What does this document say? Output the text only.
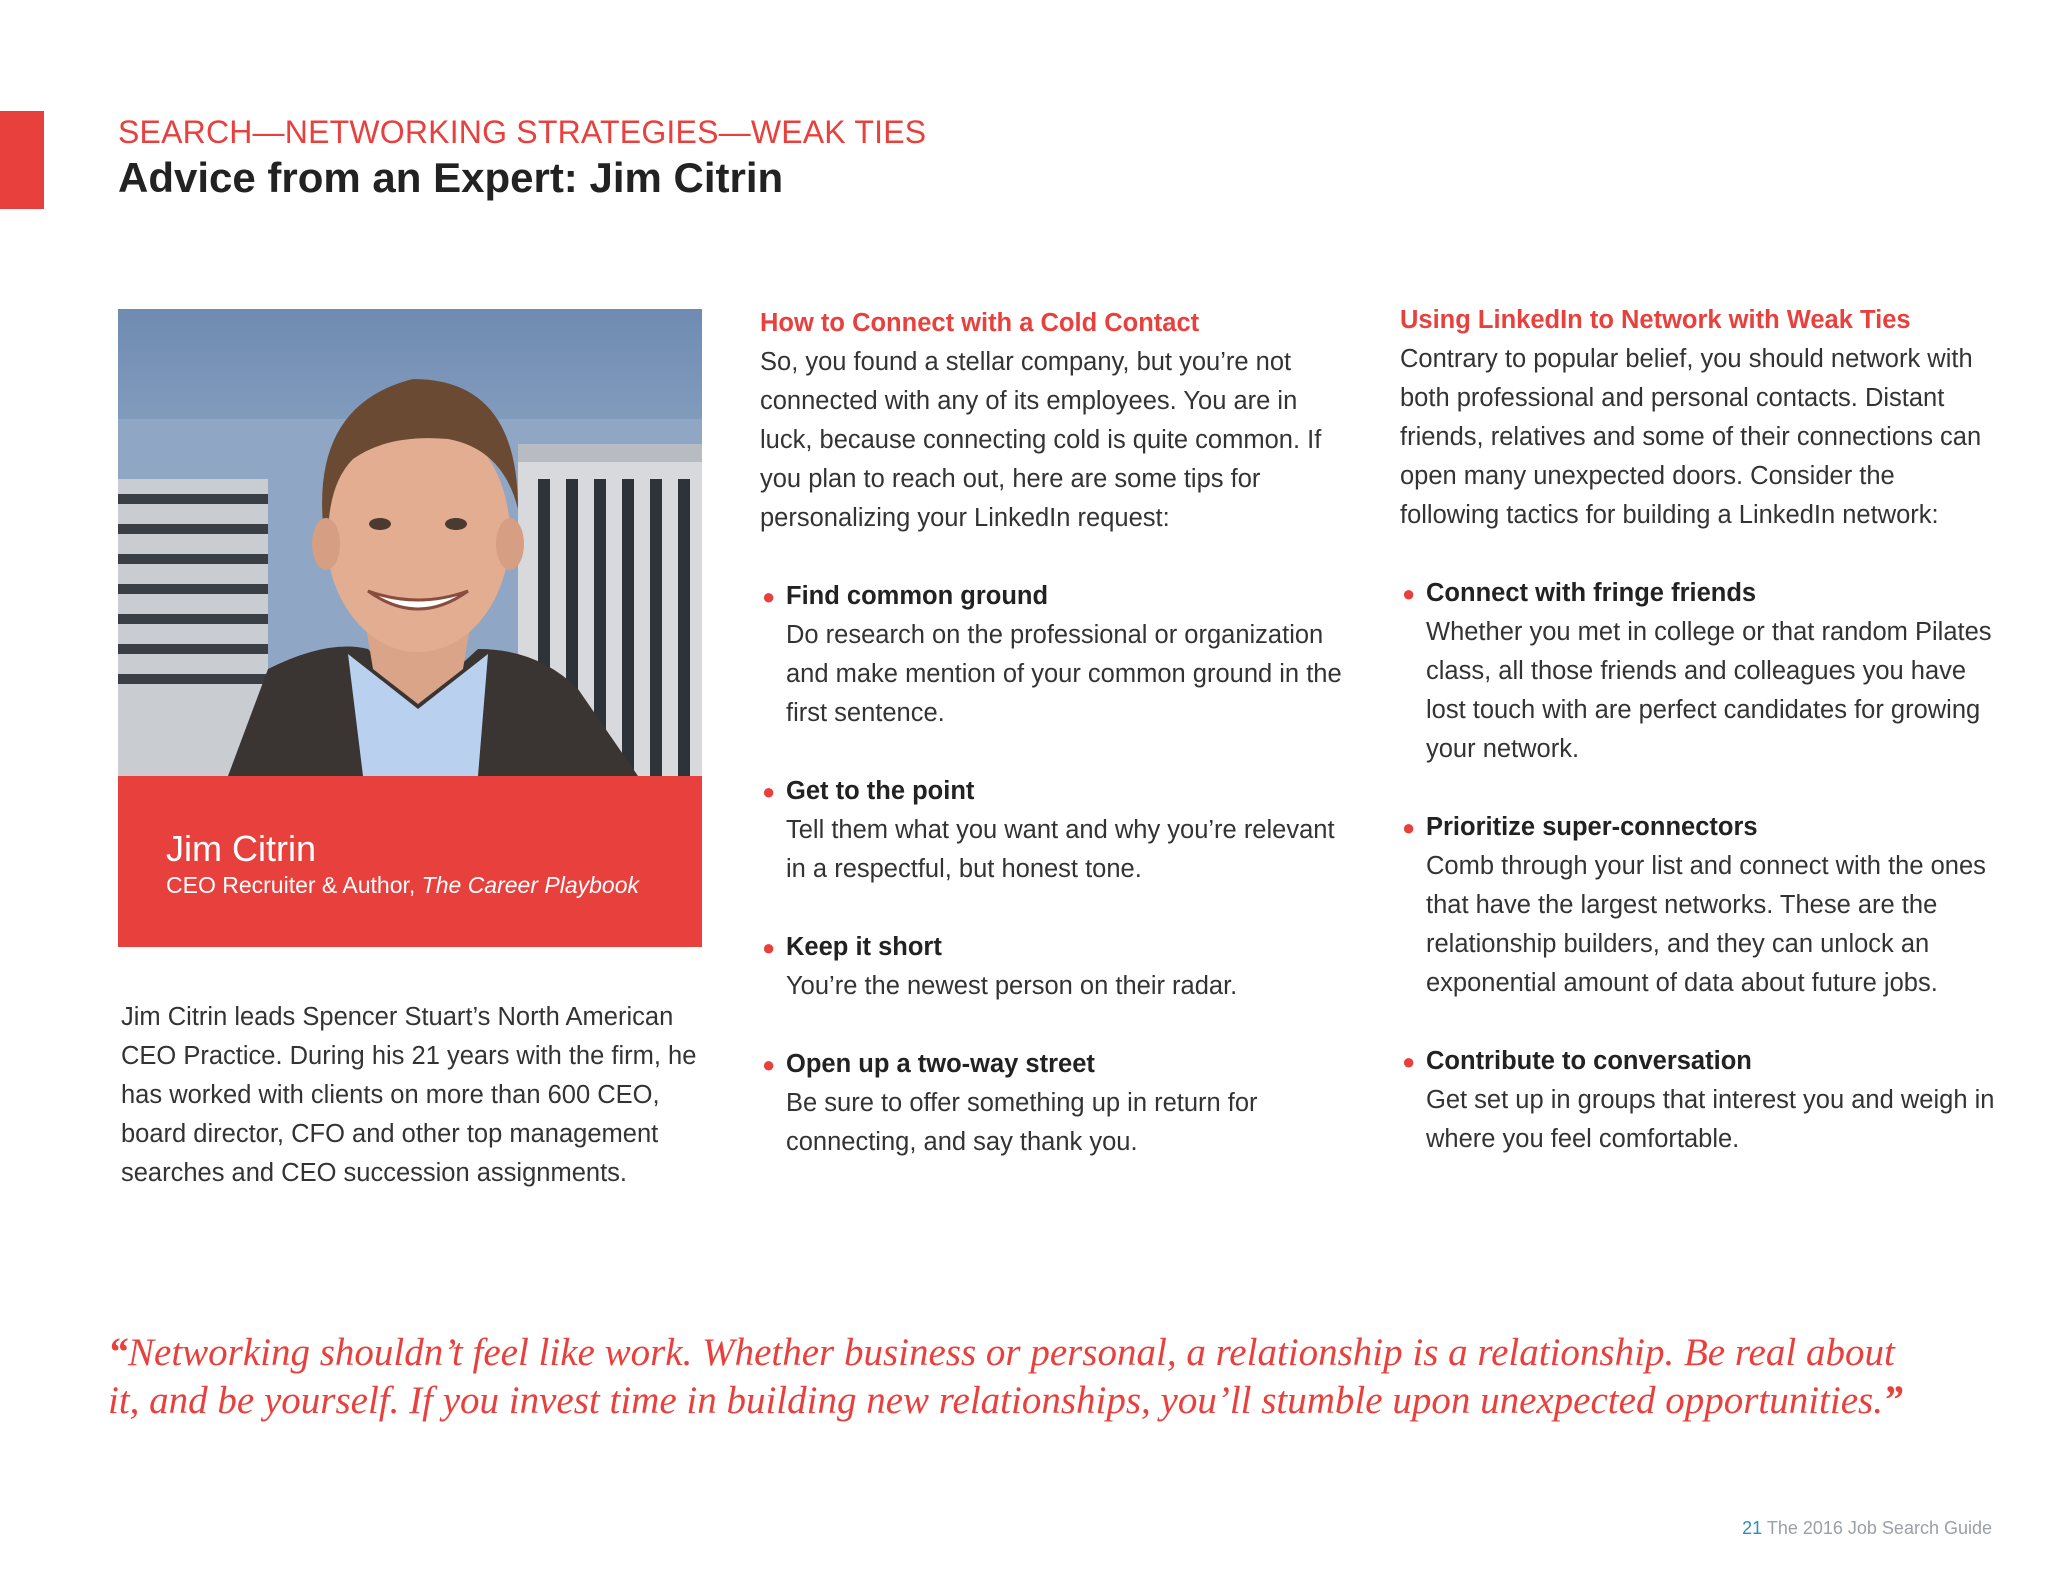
SEARCH—NETWORKING STRATEGIES—WEAK TIES
Advice from an Expert: Jim Citrin
Jim Citrin
CEO Recruiter & Author, The Career Playbook

Jim Citrin leads Spencer Stuart’s North American CEO Practice. During his 21 years with the firm, he has worked with clients on more than 600 CEO, board director, CFO and other top management searches and CEO succession assignments.

How to Connect with a Cold Contact

So, you found a stellar company, but you’re not connected with any of its employees. You are in luck, because connecting cold is quite common. If you plan to reach out, here are some tips for personalizing your LinkedIn request:

● Find common ground
Do research on the professional or organization and make mention of your common ground in the first sentence.
● Get to the point
Tell them what you want and why you’re relevant in a respectful, but honest tone.
● Keep it short
You’re the newest person on their radar.
● Open up a two-way street
Be sure to offer something up in return for connecting, and say thank you.
Using LinkedIn to Network with Weak Ties

Contrary to popular belief, you should network with both professional and personal contacts. Distant friends, relatives and some of their connections can open many unexpected doors. Consider the following tactics for building a LinkedIn network:

● Connect with fringe friends
Whether you met in college or that random Pilates class, all those friends and colleagues you have lost touch with are perfect candidates for growing your network.
● Prioritize super-connectors
Comb through your list and connect with the ones that have the largest networks. These are the relationship builders, and they can unlock an exponential amount of data about future jobs.
● Contribute to conversation
Get set up in groups that interest you and weigh in where you feel comfortable.
“Networking shouldn’t feel like work. Whether business or personal, a relationship is a relationship. Be real about it, and be yourself. If you invest time in building new relationships, you’ll stumble upon unexpected opportunities.”
21 The 2016 Job Search Guide
